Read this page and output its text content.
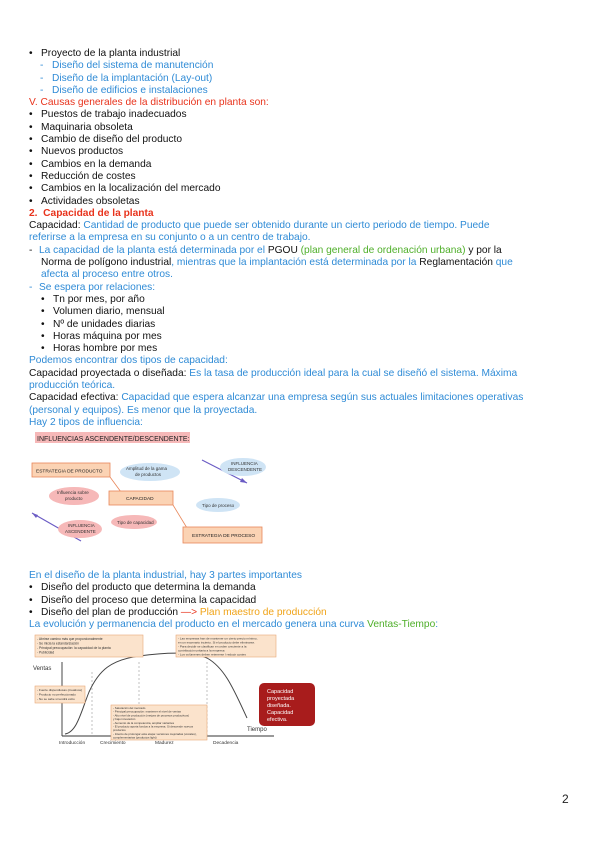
• Proyecto de la planta industrial
- Diseño del sistema de manutención
- Diseño de la implantación (Lay-out)
- Diseño de edificios e instalaciones
V. Causas generales de la distribución en planta son:
• Puestos de trabajo inadecuados
• Maquinaria obsoleta
• Cambio de diseño del producto
• Nuevos productos
• Cambios en la demanda
• Reducción de costes
• Cambios en la localización del mercado
• Actividades obsoletas
2. Capacidad de la planta
Capacidad: Cantidad de producto que puede ser obtenido durante un cierto periodo de tiempo. Puede
referirse a la empresa en su conjunto o a un centro de trabajo.
- La capacidad de la planta está determinada por el PGOU (plan general de ordenación urbana) y por la
Norma de polígono industrial, mientras que la implantación está determinada por la Reglamentación que
afecta al proceso entre otros.
- Se espera por relaciones:
• Tn por mes, por año
• Volumen diario, mensual
• Nº de unidades diarias
• Horas máquina por mes
• Horas hombre por mes
Podemos encontrar dos tipos de capacidad:
Capacidad proyectada o diseñada: Es la tasa de producción ideal para la cual se diseñó el sistema. Máxima
producción teórica.
Capacidad efectiva: Capacidad que espera alcanzar una empresa según sus actuales limitaciones operativas
(personal y equipos). Es menor que la proyectada.
Hay 2 tipos de influencia:
INFLUENCIAS ASCENDENTE/DESCENDENTE:
ESTRATEGIA DE PRODUCTO
Amplitud de la gama
de productos
INFLUENCIA
DESCENDENTE
Influencia sobre
producto	CAPACIDAD
Tipo de proceso
Tipo de capacidad
INFLUENCIA
ASCENDENTE
ESTRATEGIA DE PROCESO
En el diseño de la planta industrial, hay 3 partes importantes
• Diseño del producto que determina la demanda
• Diseño del proceso que determina la capacidad
• Diseño del plan de producción —> Plan maestro de producción
La evolución y permanencia del producto en el mercado genera una curva Ventas-Tiempo:
Ventas
Tiempo
Introducción	Crecimiento	Madurez	Decadencia
- Abrirse camino más que proporcionalmente - Se inicia la estandarización - Principal preocupación: la capacidad de la planta - Publicidad
- Las empresas han de mantener un cierto precio mínimo, en un escenario incierto. Si el producto debe eliminarse. - Para decidir se clasifican en orden creciente a la contribución unitaria a la empresa - Los volúmenes deben retenerse / reducir costes
- Fuerte dispendiosas (creativos) - Producto no perfeccionado - No se sabe si tendrá éxito
- Saturación del mercado - Principal preocupación: mantener el nivel de ventas - Alto nivel de producción (mejora de procesos productivos) y bajo innovación - Aumento de la competencia, ampliar variantes - El producto aporta fondos a la empresa. Si descende nuevos productos - Intento de prolongar esta etapa: versiones mejoradas (vocales), complementarias (productos light)
Capacidad proyectada diseñada. Capacidad efectiva.
2
